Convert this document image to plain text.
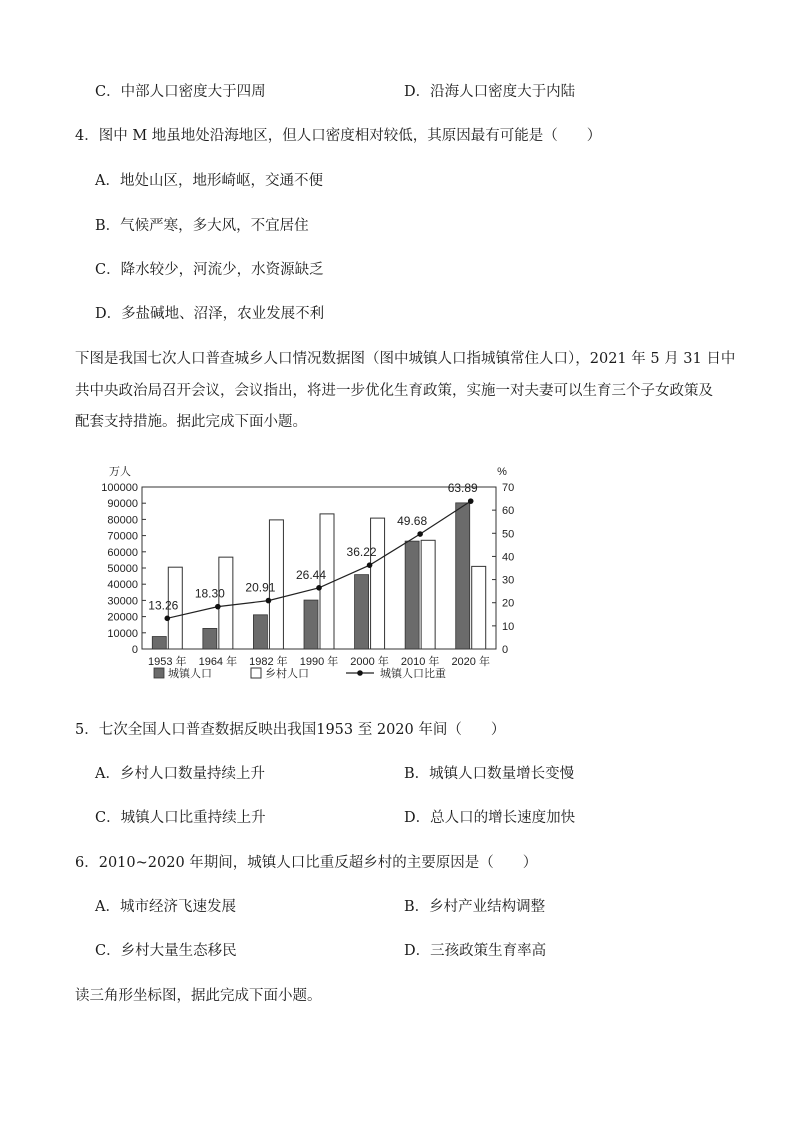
C．中部人口密度大于四周	D．沿海人口密度大于内陆
4．图中 M 地虽地处沿海地区，但人口密度相对较低，其原因最有可能是（　　）
A．地处山区，地形崎岖，交通不便
B．气候严寒，多大风，不宜居住
C．降水较少，河流少，水资源缺乏
D．多盐碱地、沼泽，农业发展不利
下图是我国七次人口普查城乡人口情况数据图（图中城镇人口指城镇常住人口），2021 年 5 月 31 日中
共中央政治局召开会议，会议指出，将进一步优化生育政策，实施一对夫妻可以生育三个子女政策及
配套支持措施。据此完成下面小题。
万人	%
100000
90000
80000
70000
60000
50000
40000
30000
20000
10000
0
70
60
50
40
30
20
10
0
1953 年 1964 年 1982 年 1990 年 2000 年 2010 年 2020 年
13.26
18.30 20.91
26.44
36.22
49.68
63.89
城镇人口	乡村人口	城镇人口比重
5．七次全国人口普查数据反映出我国1953 至 2020 年间（　　）
A．乡村人口数量持续上升	B．城镇人口数量增长变慢
C．城镇人口比重持续上升	D．总人口的增长速度加快
6．2010~2020 年期间，城镇人口比重反超乡村的主要原因是（　　）
A．城市经济飞速发展	B．乡村产业结构调整
C．乡村大量生态移民	D．三孩政策生育率高
读三角形坐标图，据此完成下面小题。
